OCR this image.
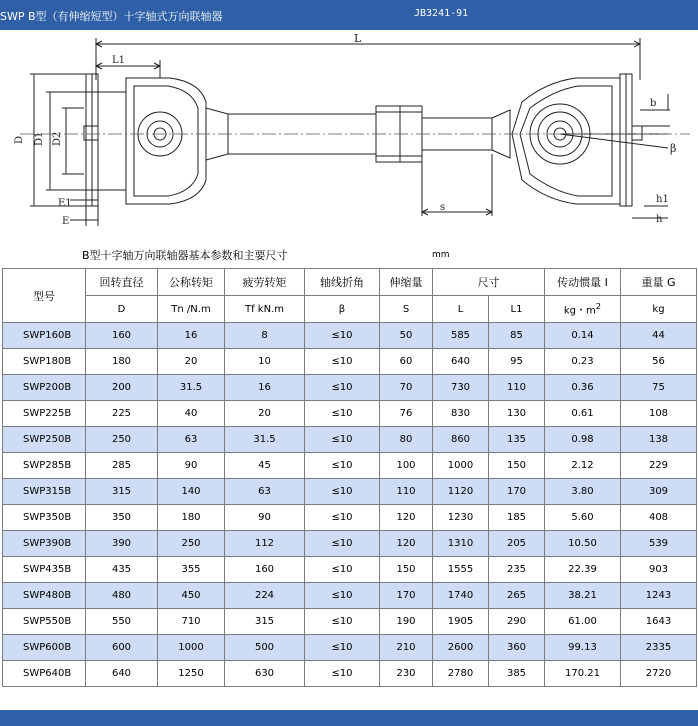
SWP B型（有伸缩短型）十字轴式万向联轴器	JB3241-91
L
L1
D D1 D2
E1
E
s
b
β
h1
h
B型十字轴万向联轴器基本参数和主要尺寸	mm
型号	回转直径	公称转矩	疲劳转矩	轴线折角	伸缩量	尺寸		传动惯量 I	重量 G
	D	Tn /N.m	Tf kN.m	β	S	L	L1	kg・$m^2$	kg
SWP160B	160	16	8	≤10	50	585	85	0.14	44
SWP180B	180	20	10	≤10	60	640	95	0.23	56
SWP200B	200	31.5	16	≤10	70	730	110	0.36	75
SWP225B	225	40	20	≤10	76	830	130	0.61	108
SWP250B	250	63	31.5	≤10	80	860	135	0.98	138
SWP285B	285	90	45	≤10	100	1000	150	2.12	229
SWP315B	315	140	63	≤10	110	1120	170	3.80	309
SWP350B	350	180	90	≤10	120	1230	185	5.60	408
SWP390B	390	250	112	≤10	120	1310	205	10.50	539
SWP435B	435	355	160	≤10	150	1555	235	22.39	903
SWP480B	480	450	224	≤10	170	1740	265	38.21	1243
SWP550B	550	710	315	≤10	190	1905	290	61.00	1643
SWP600B	600	1000	500	≤10	210	2600	360	99.13	2335
SWP640B	640	1250	630	≤10	230	2780	385	170.21	2720
